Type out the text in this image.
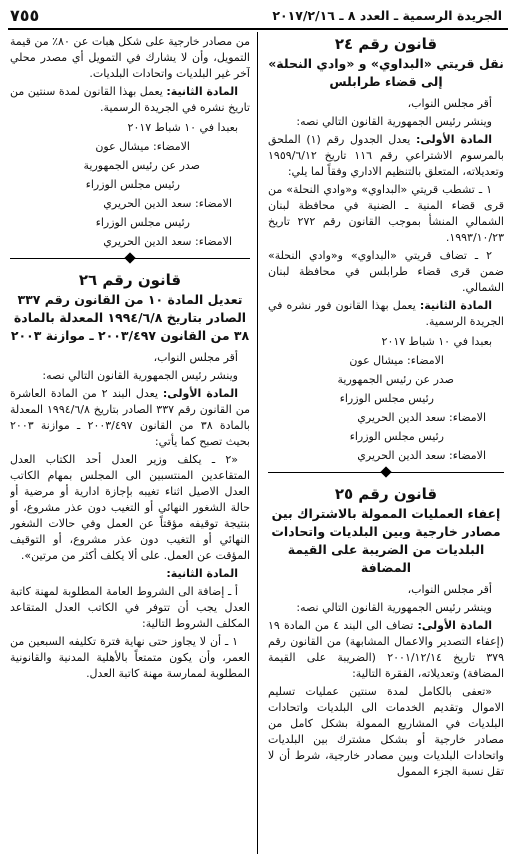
الجريدة الرسمية ـ العدد ٨ ـ ٢٠١٧/٢/١٦
٧٥٥
قانون رقم ٢٤
نقل قريتي «البداوي» و «وادي النحلة» إلى قضاء طرابلس
أقر مجلس النواب،
وينشر رئيس الجمهورية القانون التالي نصه:
المادة الأولى: يعدل الجدول رقم (١) الملحق بالمرسوم الاشتراعي رقم ١١٦ تاريخ ١٩٥٩/٦/١٢ وتعديلاته، المتعلق بالتنظيم الاداري وفقاً لما يلي:
١ ـ تشطب قريتي «البداوي» و«وادي النحلة» من قرى قضاء المنية ـ الضنية في محافظة لبنان الشمالي المنشأ بموجب القانون رقم ٢٧٢ تاريخ ١٩٩٣/١٠/٢٣.
٢ ـ تضاف قريتي «البداوي» و«وادي النحلة» ضمن قرى قضاء طرابلس في محافظة لبنان الشمالي.
المادة الثانية: يعمل بهذا القانون فور نشره في الجريدة الرسمية.
بعبدا في ١٠ شباط ٢٠١٧
الامضاء: ميشال عون
صدر عن رئيس الجمهورية
رئيس مجلس الوزراء
الامضاء: سعد الدين الحريري
رئيس مجلس الوزراء
الامضاء: سعد الدين الحريري
قانون رقم ٢٥
إعفاء العمليات الممولة بالاشتراك بين مصادر خارجية وبين البلديات واتحادات البلديات من الضريبة على القيمة المضافة
أقر مجلس النواب،
وينشر رئيس الجمهورية القانون التالي نصه:
المادة الأولى: تضاف الى البند ٤ من المادة ١٩ (إعفاء التصدير والاعمال المشابهة) من القانون رقم ٣٧٩ تاريخ ٢٠٠١/١٢/١٤ (الضريبة على القيمة المضافة) وتعديلاته، الفقرة التالية:
«تعفى بالكامل لمدة سنتين عمليات تسليم الاموال وتقديم الخدمات الى البلديات واتحادات البلديات في المشاريع الممولة بشكل كامل من مصادر خارجية أو بشكل مشترك بين البلديات واتحادات البلديات وبين مصادر خارجية، شرط أن لا تقل نسبة الجزء الممول
من مصادر خارجية على شكل هبات عن ٨٠٪ من قيمة التمويل، وأن لا يشارك في التمويل أي مصدر محلي آخر غير البلديات واتحادات البلديات.
المادة الثانية: يعمل بهذا القانون لمدة سنتين من تاريخ نشره في الجريدة الرسمية.
بعبدا في ١٠ شباط ٢٠١٧
الامضاء: ميشال عون
صدر عن رئيس الجمهورية
رئيس مجلس الوزراء
الامضاء: سعد الدين الحريري
رئيس مجلس الوزراء
الامضاء: سعد الدين الحريري
قانون رقم ٢٦
تعديل المادة ١٠ من القانون رقم ٣٣٧ الصادر بتاريخ ١٩٩٤/٦/٨ المعدلة بالمادة ٣٨ من القانون ٢٠٠٣/٤٩٧ ـ موازنة ٢٠٠٣
أقر مجلس النواب،
وينشر رئيس الجمهورية القانون التالي نصه:
المادة الأولى: يعدل البند ٢ من المادة العاشرة من القانون رقم ٣٣٧ الصادر بتاريخ ١٩٩٤/٦/٨ المعدلة بالمادة ٣٨ من القانون ٢٠٠٣/٤٩٧ ـ موازنة ٢٠٠٣ بحيث تصبح كما يأتي:
«٢ ـ يكلف وزير العدل أحد الكتاب العدل المتقاعدين المنتسبين الى المجلس بمهام الكاتب العدل الاصيل اثناء تغيبه بإجازة ادارية أو مرضية أو حالة الشغور النهائي أو التغيب دون عذر مشروع، أو بنتيجة توقيفه مؤقتاً عن العمل وفي حالات الشغور النهائي أو التغيب دون عذر مشروع، أو التوقيف المؤقت عن العمل. على ألا يكلف أكثر من مرتين».
المادة الثانية:
أ ـ إضافة الى الشروط العامة المطلوبة لمهنة كاتبة العدل يجب أن تتوفر في الكاتب العدل المتقاعد المكلف الشروط التالية:
١ ـ أن لا يجاوز حتى نهاية فترة تكليفه السبعين من العمر، وأن يكون متمتعاً بالأهلية المدنية والقانونية المطلوبة لممارسة مهنة كاتبة العدل.
